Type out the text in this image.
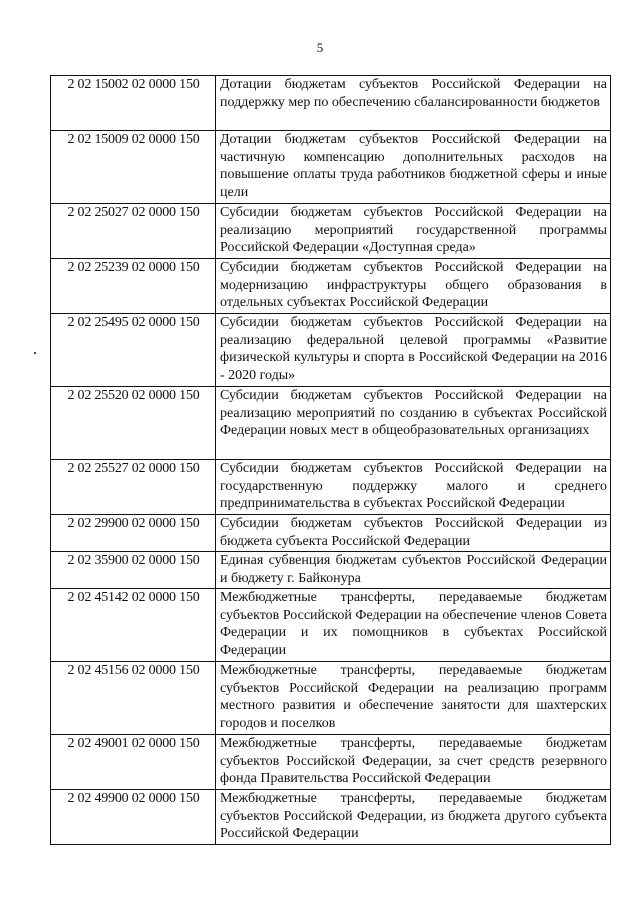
5
2 02 15002 02 0000 150	Дотации бюджетам субъектов Российской Федерации на поддержку мер по обеспечению сбалансированности бюджетов
2 02 15009 02 0000 150	Дотации бюджетам субъектов Российской Федерации на частичную компенсацию дополнительных расходов на повышение оплаты труда работников бюджетной сферы и иные цели
2 02 25027 02 0000 150	Субсидии бюджетам субъектов Российской Федерации на реализацию мероприятий государственной программы Российской Федерации «Доступная среда»
2 02 25239 02 0000 150	Субсидии бюджетам субъектов Российской Федерации на модернизацию инфраструктуры общего образования в отдельных субъектах Российской Федерации
2 02 25495 02 0000 150	Субсидии бюджетам субъектов Российской Федерации на реализацию федеральной целевой программы «Развитие физической культуры и спорта в Российской Федерации на 2016 - 2020 годы»
2 02 25520 02 0000 150	Субсидии бюджетам субъектов Российской Федерации на реализацию мероприятий по созданию в субъектах Российской Федерации новых мест в общеобразовательных организациях
2 02 25527 02 0000 150	Субсидии бюджетам субъектов Российской Федерации на государственную поддержку малого и среднего предпринимательства в субъектах Российской Федерации
2 02 29900 02 0000 150	Субсидии бюджетам субъектов Российской Федерации из бюджета субъекта Российской Федерации
2 02 35900 02 0000 150	Единая субвенция бюджетам субъектов Российской Федерации и бюджету г. Байконура
2 02 45142 02 0000 150	Межбюджетные трансферты, передаваемые бюджетам субъектов Российской Федерации на обеспечение членов Совета Федерации и их помощников в субъектах Российской Федерации
2 02 45156 02 0000 150	Межбюджетные трансферты, передаваемые бюджетам субъектов Российской Федерации на реализацию программ местного развития и обеспечение занятости для шахтерских городов и поселков
2 02 49001 02 0000 150	Межбюджетные трансферты, передаваемые бюджетам субъектов Российской Федерации, за счет средств резервного фонда Правительства Российской Федерации
2 02 49900 02 0000 150	Межбюджетные трансферты, передаваемые бюджетам субъектов Российской Федерации, из бюджета другого субъекта Российской Федерации
